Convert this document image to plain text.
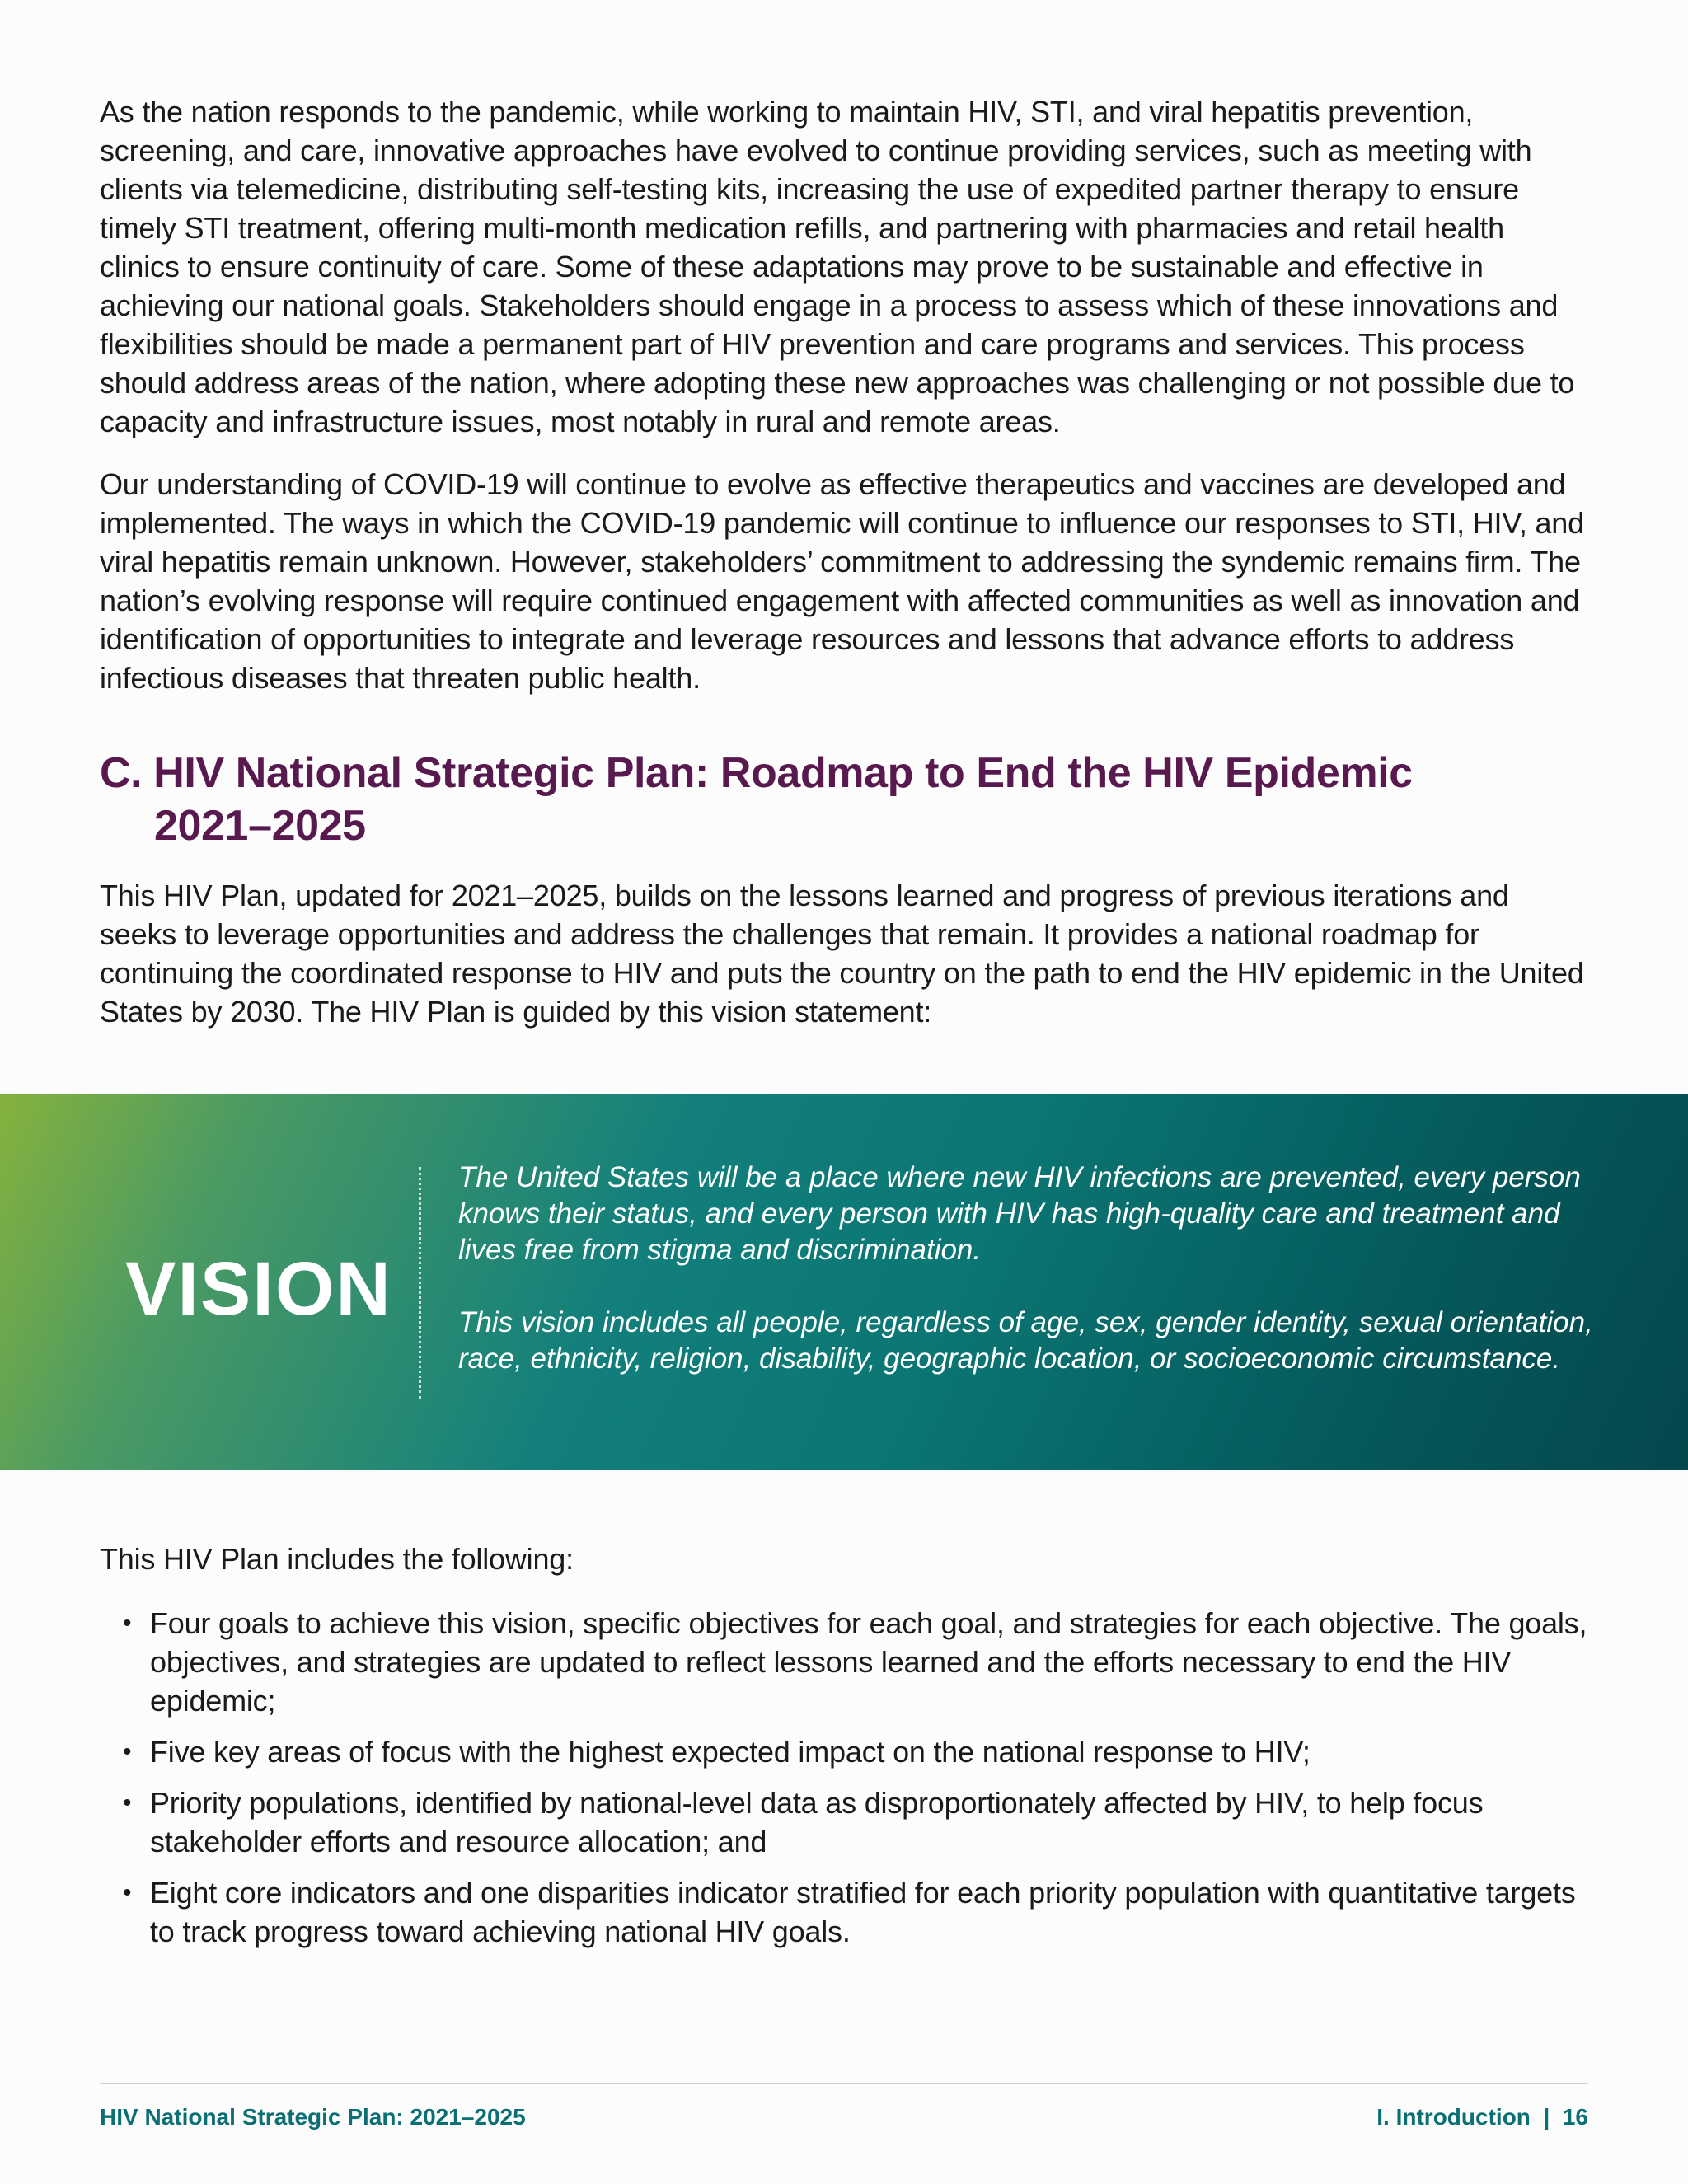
As the nation responds to the pandemic, while working to maintain HIV, STI, and viral hepatitis prevention, screening, and care, innovative approaches have evolved to continue providing services, such as meeting with clients via telemedicine, distributing self-testing kits, increasing the use of expedited partner therapy to ensure timely STI treatment, offering multi-month medication refills, and partnering with pharmacies and retail health clinics to ensure continuity of care. Some of these adaptations may prove to be sustainable and effective in achieving our national goals. Stakeholders should engage in a process to assess which of these innovations and flexibilities should be made a permanent part of HIV prevention and care programs and services. This process should address areas of the nation, where adopting these new approaches was challenging or not possible due to capacity and infrastructure issues, most notably in rural and remote areas.

Our understanding of COVID-19 will continue to evolve as effective therapeutics and vaccines are developed and implemented. The ways in which the COVID-19 pandemic will continue to influence our responses to STI, HIV, and viral hepatitis remain unknown. However, stakeholders’ commitment to addressing the syndemic remains firm. The nation’s evolving response will require continued engagement with affected communities as well as innovation and identification of opportunities to integrate and leverage resources and lessons that advance efforts to address infectious diseases that threaten public health.

C. HIV National Strategic Plan: Roadmap to End the HIV Epidemic
2021–2025

This HIV Plan, updated for 2021–2025, builds on the lessons learned and progress of previous iterations and seeks to leverage opportunities and address the challenges that remain. It provides a national roadmap for continuing the coordinated response to HIV and puts the country on the path to end the HIV epidemic in the United States by 2030. The HIV Plan is guided by this vision statement:

VISION

The United States will be a place where new HIV infections are prevented, every person knows their status, and every person with HIV has high-quality care and treatment and lives free from stigma and discrimination.

This vision includes all people, regardless of age, sex, gender identity, sexual orientation, race, ethnicity, religion, disability, geographic location, or socioeconomic circumstance.

This HIV Plan includes the following:

• Four goals to achieve this vision, specific objectives for each goal, and strategies for each objective. The goals, objectives, and strategies are updated to reflect lessons learned and the efforts necessary to end the HIV epidemic;
• Five key areas of focus with the highest expected impact on the national response to HIV;
• Priority populations, identified by national-level data as disproportionately affected by HIV, to help focus stakeholder efforts and resource allocation; and
• Eight core indicators and one disparities indicator stratified for each priority population with quantitative targets to track progress toward achieving national HIV goals.
HIV National Strategic Plan: 2021–2025	I. Introduction  |  16
